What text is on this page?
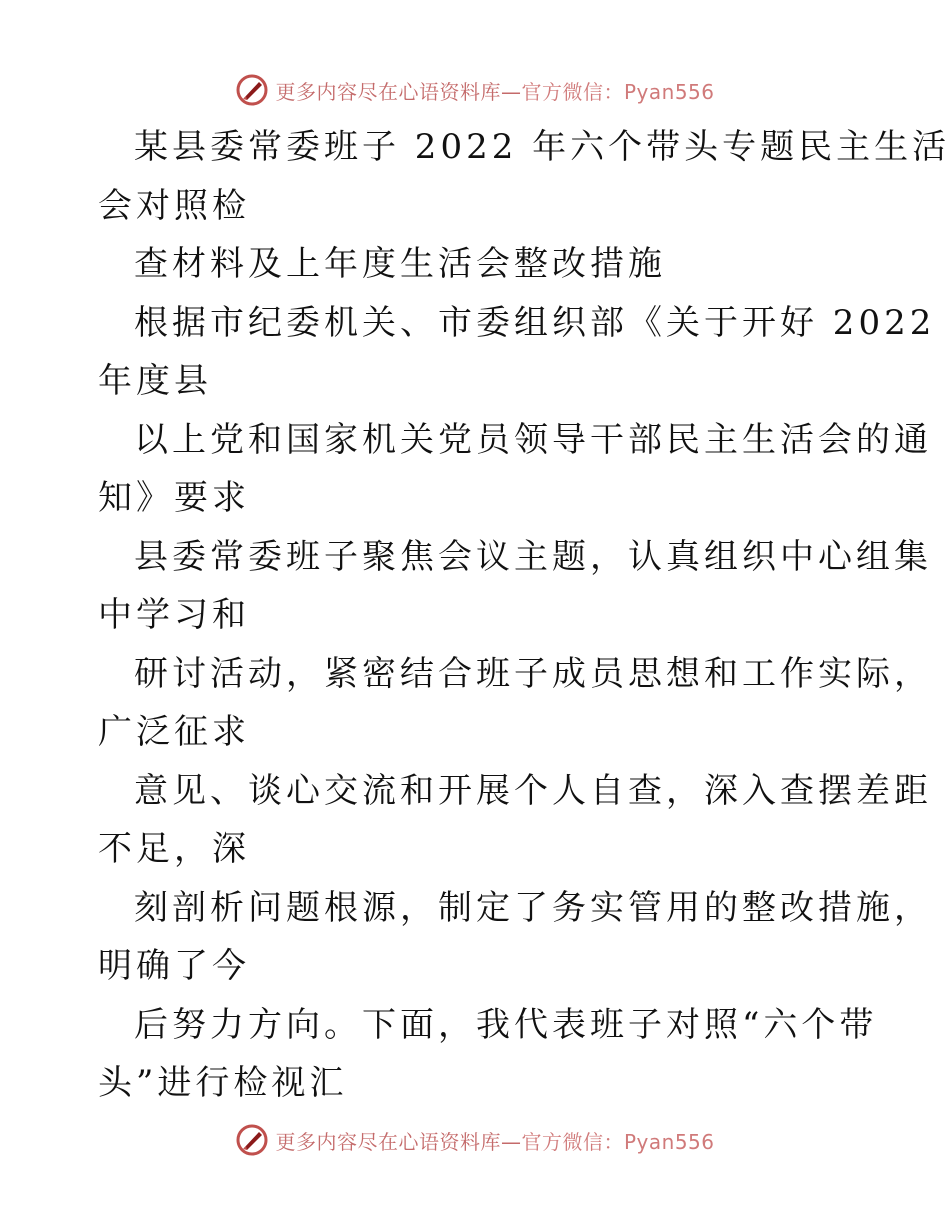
更多内容尽在心语资料库—官方微信：Pyan556
某县委常委班子 2022 年六个带头专题民主生活
会对照检
查材料及上年度生活会整改措施
根据市纪委机关、市委组织部《关于开好 2022
年度县
以上党和国家机关党员领导干部民主生活会的通
知》要求
县委常委班子聚焦会议主题，认真组织中心组集
中学习和
研讨活动，紧密结合班子成员思想和工作实际，
广泛征求
意见、谈心交流和开展个人自查，深入查摆差距
不足，深
刻剖析问题根源，制定了务实管用的整改措施，
明确了今
后努力方向。下面，我代表班子对照“六个带
头”进行检视汇
更多内容尽在心语资料库—官方微信：Pyan556
